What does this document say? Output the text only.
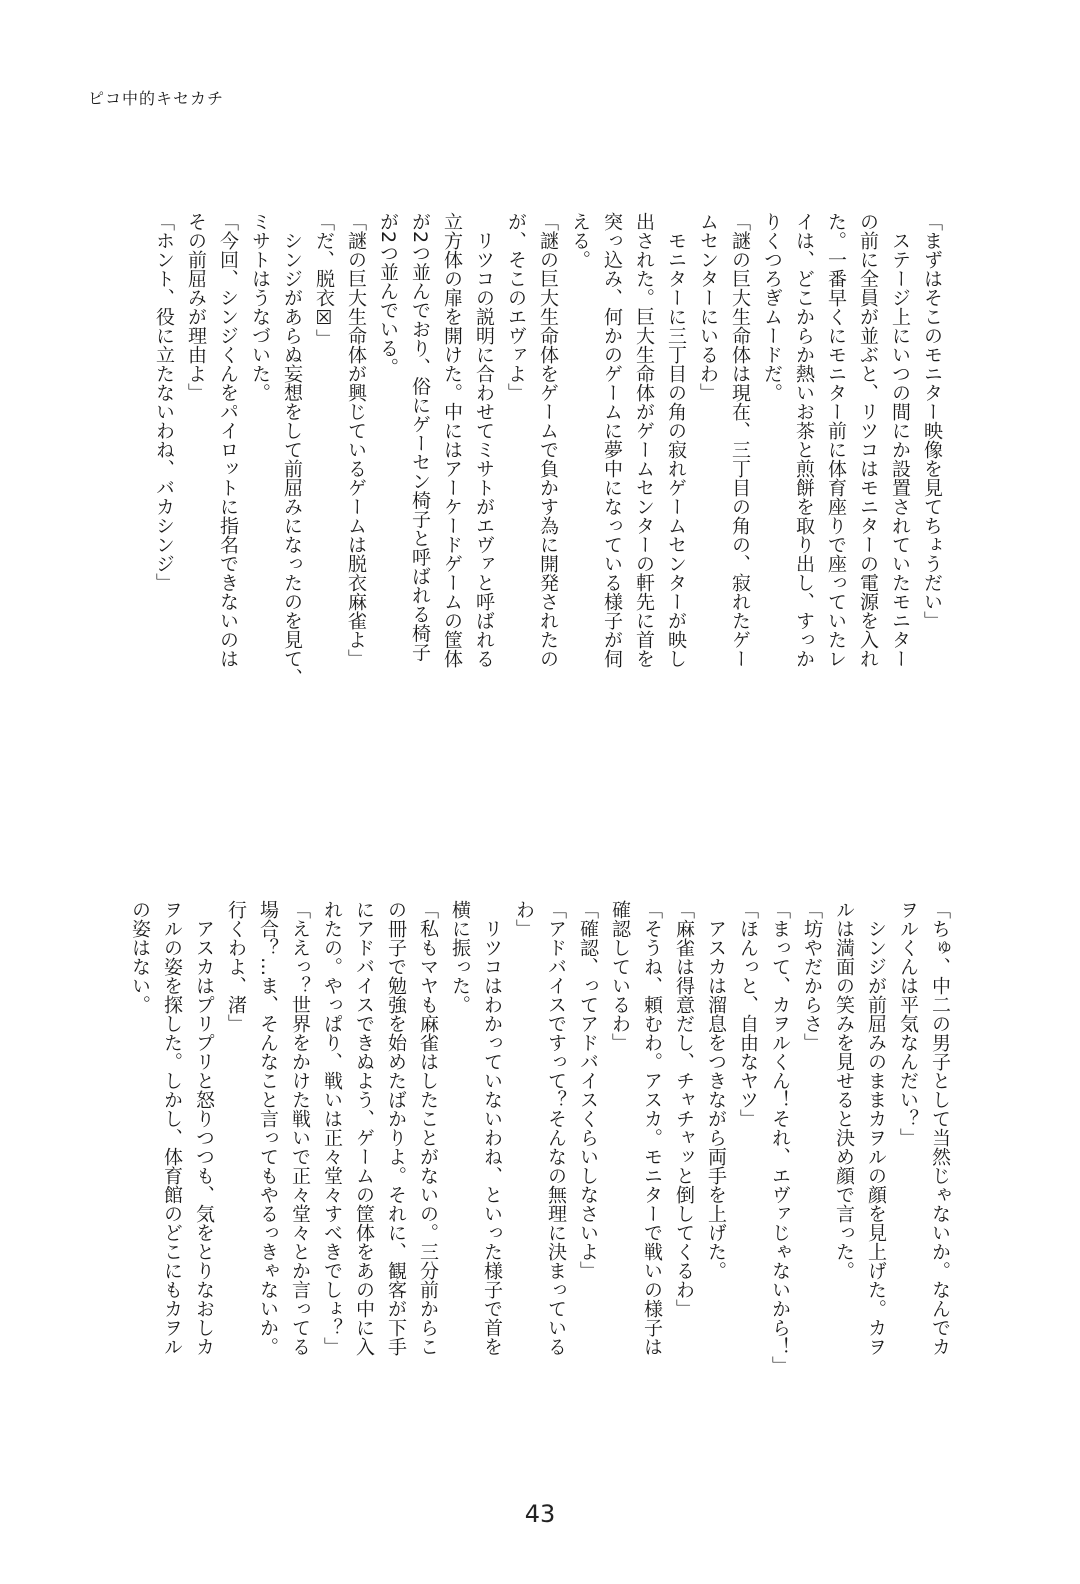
ピコ中的キセカチ
「まずはそこのモニター映像を見てちょうだい」
　ステージ上にいつの間にか設置されていたモニター
の前に全員が並ぶと、リツコはモニターの電源を入れ
た。一番早くにモニター前に体育座りで座っていたレ
イは、どこからか熱いお茶と煎餅を取り出し、すっか
りくつろぎムードだ。
「謎の巨大生命体は現在、三丁目の角の、寂れたゲー
ムセンターにいるわ」
　モニターに三丁目の角の寂れゲームセンターが映し
出された。巨大生命体がゲームセンターの軒先に首を
突っ込み、何かのゲームに夢中になっている様子が伺
える。
「謎の巨大生命体をゲームで負かす為に開発されたの
が、そこのエヴァよ」
　リツコの説明に合わせてミサトがエヴァと呼ばれる
立方体の扉を開けた。中にはアーケードゲームの筐体
が2つ並んでおり、俗にゲーセン椅子と呼ばれる椅子
が2つ並んでいる。
「謎の巨大生命体が興じているゲームは脱衣麻雀よ」
「だ、脱衣☒」
　シンジがあらぬ妄想をして前屈みになったのを見て、
ミサトはうなづいた。
「今回、シンジくんをパイロットに指名できないのは
その前屈みが理由よ」
「ホント、役に立たないわね、バカシンジ」
「ちゅ、中二の男子として当然じゃないか。なんでカ
ヲルくんは平気なんだい？」
　シンジが前屈みのままカヲルの顔を見上げた。カヲ
ルは満面の笑みを見せると決め顔で言った。
「坊やだからさ」
「まって、カヲルくん！それ、エヴァじゃないから！」
「ほんっと、自由なヤツ」
　アスカは溜息をつきながら両手を上げた。
「麻雀は得意だし、チャチャッと倒してくるわ」
「そうね、頼むわ。アスカ。モニターで戦いの様子は
確認しているわ」
「確認、ってアドバイスくらいしなさいよ」
「アドバイスですって？そんなの無理に決まっている
わ」
　リツコはわかっていないわね、といった様子で首を
横に振った。
「私もマヤも麻雀はしたことがないの。三分前からこ
の冊子で勉強を始めたばかりよ。それに、観客が下手
にアドバイスできぬよう、ゲームの筐体をあの中に入
れたの。やっぱり、戦いは正々堂々すべきでしょ？」
「ええっ？世界をかけた戦いで正々堂々とか言ってる
場合？…ま、そんなこと言ってもやるっきゃないか。
行くわよ、渚」
　アスカはプリプリと怒りつつも、気をとりなおしカ
ヲルの姿を探した。しかし、体育館のどこにもカヲル
の姿はない。
43
